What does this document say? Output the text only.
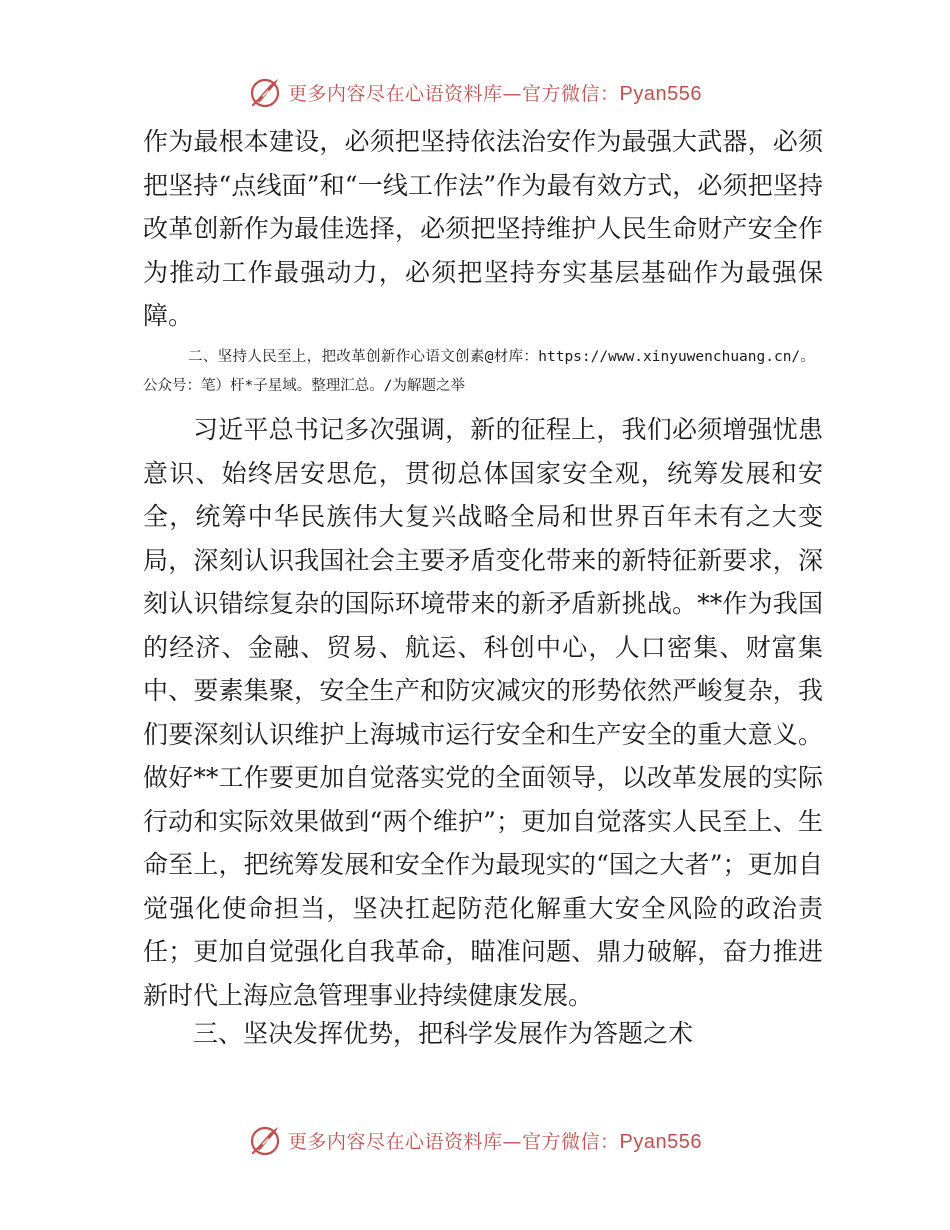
更多内容尽在心语资料库—官方微信：Pyan556

作为最根本建设，必须把坚持依法治安作为最强大武器，必须把坚持“点线面”和“一线工作法”作为最有效方式，必须把坚持改革创新作为最佳选择，必须把坚持维护人民生命财产安全作为推动工作最强动力，必须把坚持夯实基层基础作为最强保障。

二、坚持人民至上，把改革创新作心语文创素@材库：https://www.xinyuwenchuang.cn/。公众号：笔）杆*子星域。整理汇总。/为解题之举

习近平总书记多次强调，新的征程上，我们必须增强忧患意识、始终居安思危，贯彻总体国家安全观，统筹发展和安全，统筹中华民族伟大复兴战略全局和世界百年未有之大变局，深刻认识我国社会主要矛盾变化带来的新特征新要求，深刻认识错综复杂的国际环境带来的新矛盾新挑战。**作为我国的经济、金融、贸易、航运、科创中心，人口密集、财富集中、要素集聚，安全生产和防灾减灾的形势依然严峻复杂，我们要深刻认识维护上海城市运行安全和生产安全的重大意义。做好**工作要更加自觉落实党的全面领导，以改革发展的实际行动和实际效果做到“两个维护”；更加自觉落实人民至上、生命至上，把统筹发展和安全作为最现实的“国之大者”；更加自觉强化使命担当，坚决扛起防范化解重大安全风险的政治责任；更加自觉强化自我革命，瞄准问题、鼎力破解，奋力推进新时代上海应急管理事业持续健康发展。

三、坚决发挥优势，把科学发展作为答题之术

更多内容尽在心语资料库—官方微信：Pyan556
